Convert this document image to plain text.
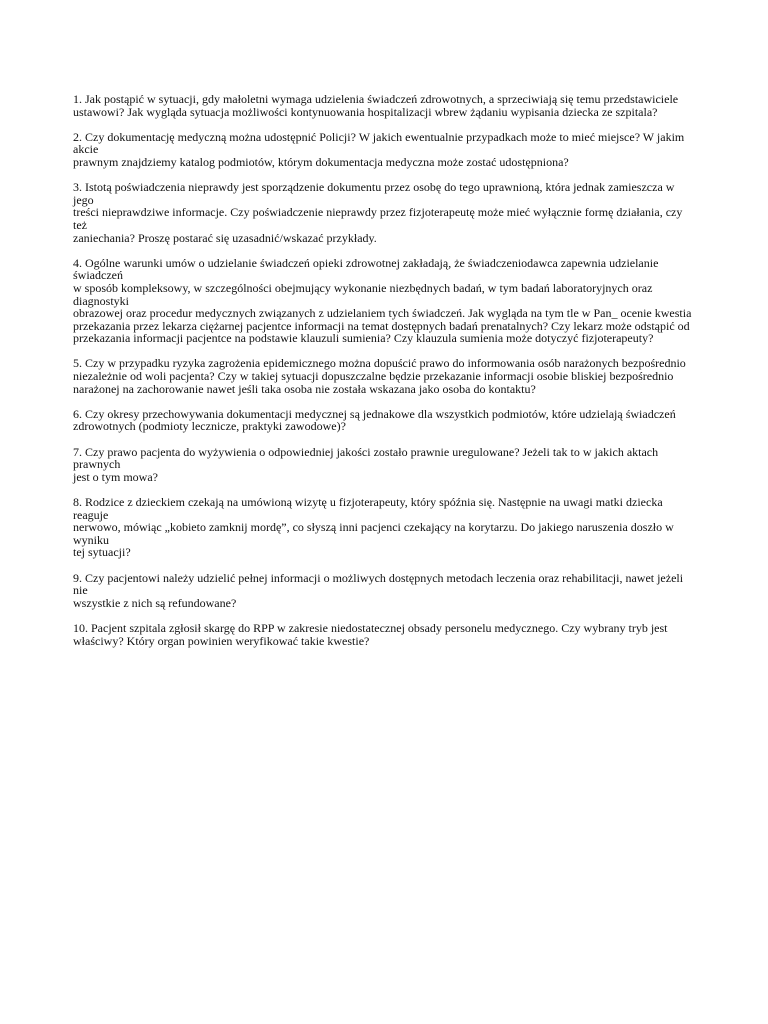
1. Jak postąpić w sytuacji, gdy małoletni wymaga udzielenia świadczeń zdrowotnych, a sprzeciwiają się temu przedstawiciele
ustawowi? Jak wygląda sytuacja możliwości kontynuowania hospitalizacji wbrew żądaniu wypisania dziecka ze szpitala?

2. Czy dokumentację medyczną można udostępnić Policji? W jakich ewentualnie przypadkach może to mieć miejsce? W jakim akcie
prawnym znajdziemy katalog podmiotów, którym dokumentacja medyczna może zostać udostępniona?

3. Istotą poświadczenia nieprawdy jest sporządzenie dokumentu przez osobę do tego uprawnioną, która jednak zamieszcza w jego
treści nieprawdziwe informacje. Czy poświadczenie nieprawdy przez fizjoterapeutę może mieć wyłącznie formę działania, czy też
zaniechania? Proszę postarać się uzasadnić/wskazać przykłady.

4. Ogólne warunki umów o udzielanie świadczeń opieki zdrowotnej zakładają, że świadczeniodawca zapewnia udzielanie świadczeń
w sposób kompleksowy, w szczególności obejmujący wykonanie niezbędnych badań, w tym badań laboratoryjnych oraz diagnostyki
obrazowej oraz procedur medycznych związanych z udzielaniem tych świadczeń. Jak wygląda na tym tle w Pan_ ocenie kwestia
przekazania przez lekarza ciężarnej pacjentce informacji na temat dostępnych badań prenatalnych? Czy lekarz może odstąpić od
przekazania informacji pacjentce na podstawie klauzuli sumienia? Czy klauzula sumienia może dotyczyć fizjoterapeuty?

5. Czy w przypadku ryzyka zagrożenia epidemicznego można dopuścić prawo do informowania osób narażonych bezpośrednio
niezależnie od woli pacjenta? Czy w takiej sytuacji dopuszczalne będzie przekazanie informacji osobie bliskiej bezpośrednio
narażonej na zachorowanie nawet jeśli taka osoba nie została wskazana jako osoba do kontaktu?

6. Czy okresy przechowywania dokumentacji medycznej są jednakowe dla wszystkich podmiotów, które udzielają świadczeń
zdrowotnych (podmioty lecznicze, praktyki zawodowe)?

7. Czy prawo pacjenta do wyżywienia o odpowiedniej jakości zostało prawnie uregulowane? Jeżeli tak to w jakich aktach prawnych
jest o tym mowa?

8. Rodzice z dzieckiem czekają na umówioną wizytę u fizjoterapeuty, który spóźnia się. Następnie na uwagi matki dziecka reaguje
nerwowo, mówiąc „kobieto zamknij mordę”, co słyszą inni pacjenci czekający na korytarzu. Do jakiego naruszenia doszło w wyniku
tej sytuacji?

9. Czy pacjentowi należy udzielić pełnej informacji o możliwych dostępnych metodach leczenia oraz rehabilitacji, nawet jeżeli nie
wszystkie z nich są refundowane?

10. Pacjent szpitala zgłosił skargę do RPP w zakresie niedostatecznej obsady personelu medycznego. Czy wybrany tryb jest
właściwy? Który organ powinien weryfikować takie kwestie?
